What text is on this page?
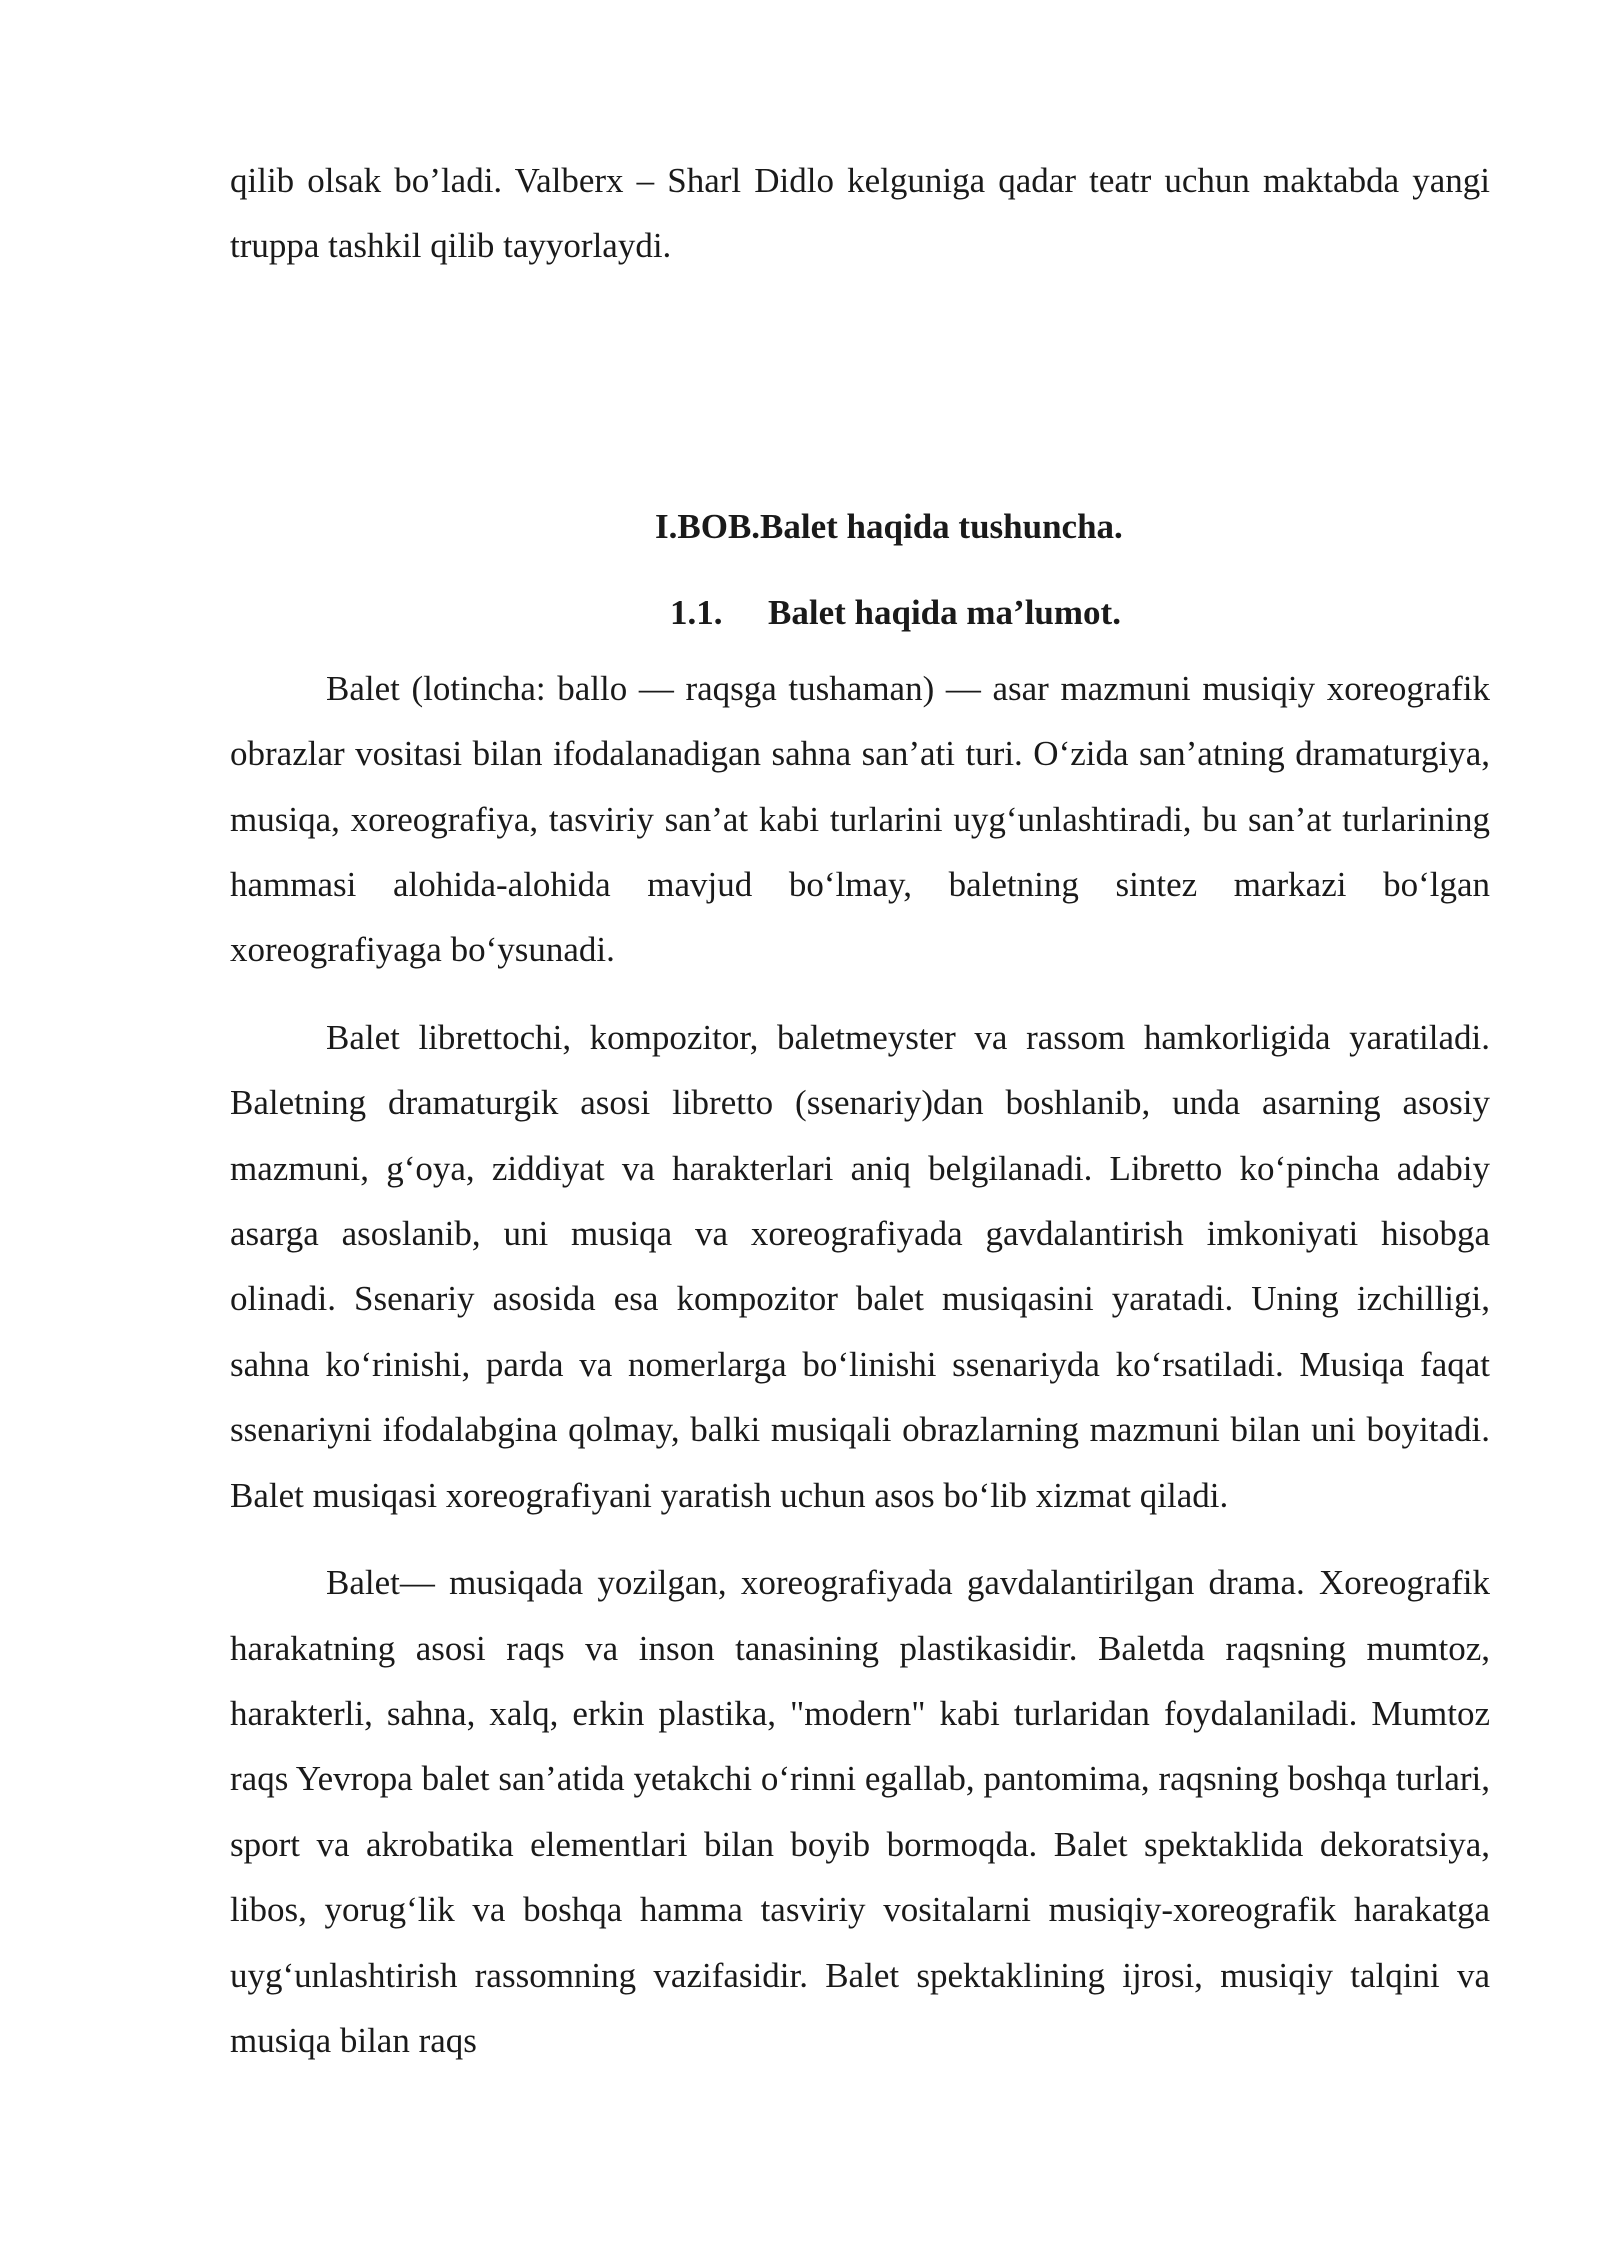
qilib olsak bo’ladi. Valberx – Sharl Didlo kelguniga qadar teatr uchun maktabda yangi truppa tashkil qilib tayyorlaydi.

I.BOB.Balet haqida tushuncha.
1.1. Balet haqida ma’lumot.

Balet (lotincha: ballo — raqsga tushaman) — asar mazmuni musiqiy xoreografik obrazlar vositasi bilan ifodalanadigan sahna san’ati turi. O‘zida san’atning dramaturgiya, musiqa, xoreografiya, tasviriy san’at kabi turlarini uyg‘unlashtiradi, bu san’at turlarining hammasi alohida-alohida mavjud bo‘lmay, baletning sintez markazi bo‘lgan xoreografiyaga bo‘ysunadi.

Balet librettochi, kompozitor, baletmeyster va rassom hamkorligida yaratiladi. Baletning dramaturgik asosi libretto (ssenariy)dan boshlanib, unda asarning asosiy mazmuni, g‘oya, ziddiyat va harakterlari aniq belgilanadi. Libretto ko‘pincha adabiy asarga asoslanib, uni musiqa va xoreografiyada gavdalantirish imkoniyati hisobga olinadi. Ssenariy asosida esa kompozitor balet musiqasini yaratadi. Uning izchilligi, sahna ko‘rinishi, parda va nomerlarga bo‘linishi ssenariyda ko‘rsatiladi. Musiqa faqat ssenariyni ifodalabgina qolmay, balki musiqali obrazlarning mazmuni bilan uni boyitadi. Balet musiqasi xoreografiyani yaratish uchun asos bo‘lib xizmat qiladi.

Balet— musiqada yozilgan, xoreografiyada gavdalantirilgan drama. Xoreografik harakatning asosi raqs va inson tanasining plastikasidir. Baletda raqsning mumtoz, harakterli, sahna, xalq, erkin plastika, "modern" kabi turlaridan foydalaniladi. Mumtoz raqs Yevropa balet san’atida yetakchi o‘rinni egallab, pantomima, raqsning boshqa turlari, sport va akrobatika elementlari bilan boyib bormoqda. Balet spektaklida dekoratsiya, libos, yorug‘lik va boshqa hamma tasviriy vositalarni musiqiy-xoreografik harakatga uyg‘unlashtirish rassomning vazifasidir. Balet spektaklining ijrosi, musiqiy talqini va musiqa bilan raqs
